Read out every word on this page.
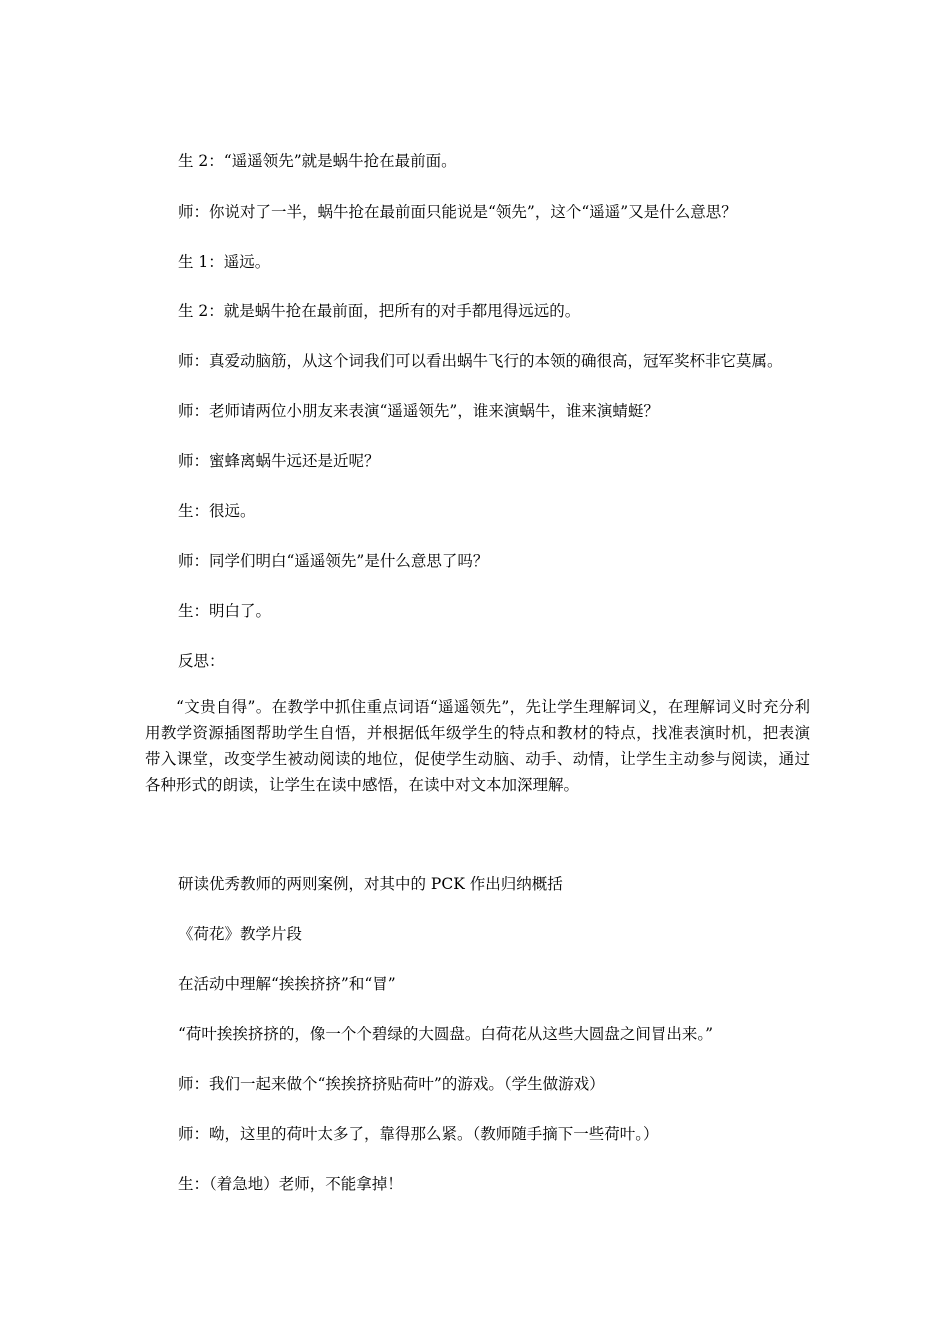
生 2：“遥遥领先”就是蜗牛抢在最前面。
师：你说对了一半，蜗牛抢在最前面只能说是“领先”，这个“遥遥”又是什么意思？
生 1：遥远。
生 2：就是蜗牛抢在最前面，把所有的对手都甩得远远的。
师：真爱动脑筋，从这个词我们可以看出蜗牛飞行的本领的确很高，冠军奖杯非它莫属。
师：老师请两位小朋友来表演“遥遥领先”，谁来演蜗牛，谁来演蜻蜓？
师：蜜蜂离蜗牛远还是近呢？
生：很远。
师：同学们明白“遥遥领先”是什么意思了吗？
生：明白了。
反思：
“文贵自得”。在教学中抓住重点词语“遥遥领先”，先让学生理解词义，在理解词义时充分利用教学资源插图帮助学生自悟，并根据低年级学生的特点和教材的特点，找准表演时机，把表演带入课堂，改变学生被动阅读的地位，促使学生动脑、动手、动情，让学生主动参与阅读，通过各种形式的朗读，让学生在读中感悟，在读中对文本加深理解。
研读优秀教师的两则案例，对其中的 PCK 作出归纳概括
《荷花》教学片段
在活动中理解“挨挨挤挤”和“冒”
“荷叶挨挨挤挤的，像一个个碧绿的大圆盘。白荷花从这些大圆盘之间冒出来。”
师：我们一起来做个“挨挨挤挤贴荷叶”的游戏。（学生做游戏）
师：呦，这里的荷叶太多了，靠得那么紧。（教师随手摘下一些荷叶。）
生：（着急地）老师，不能拿掉！
